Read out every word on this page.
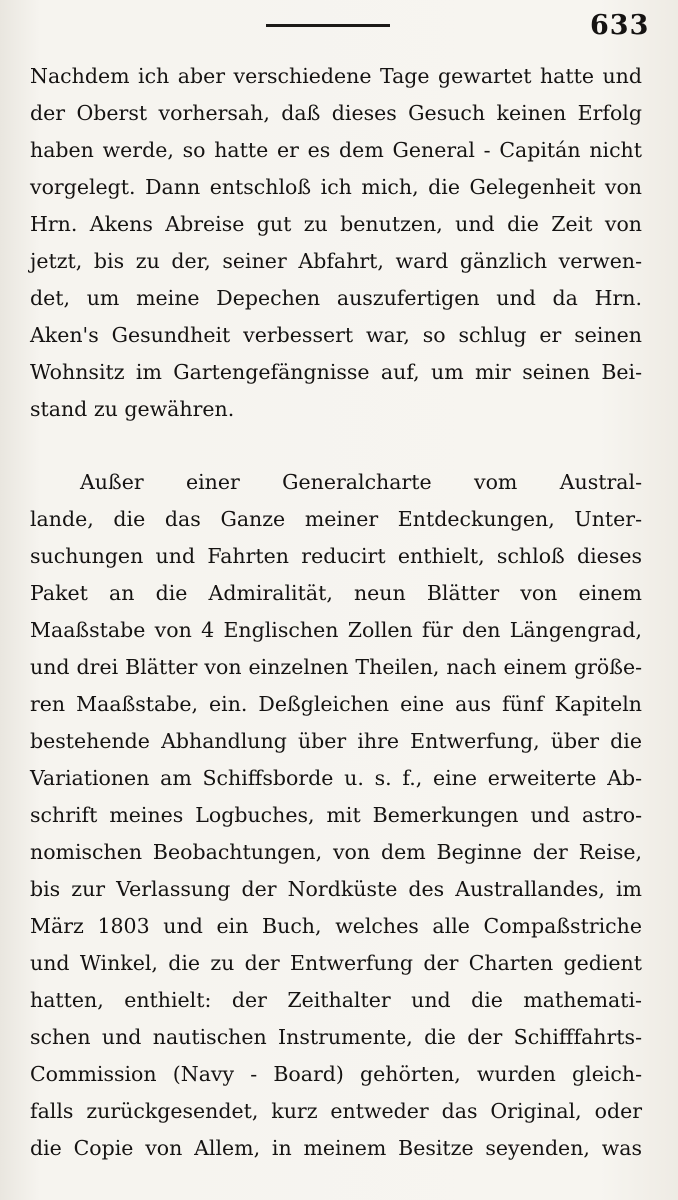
633
Nachdem ich aber verschiedene Tage gewartet hatte und
der Oberst vorhersah, daß dieses Gesuch keinen Erfolg
haben werde, so hatte er es dem General - Capitán nicht
vorgelegt. Dann entschloß ich mich, die Gelegenheit von
Hrn. Akens Abreise gut zu benutzen, und die Zeit von
jetzt, bis zu der, seiner Abfahrt, ward gänzlich verwen-
det, um meine Depechen auszufertigen und da Hrn.
Aken's Gesundheit verbessert war, so schlug er seinen
Wohnsitz im Gartengefängnisse auf, um mir seinen Bei-
stand zu gewähren.
Außer einer Generalcharte vom Austral-
lande, die das Ganze meiner Entdeckungen, Unter-
suchungen und Fahrten reducirt enthielt, schloß dieses
Paket an die Admiralität, neun Blätter von einem
Maaßstabe von 4 Englischen Zollen für den Längengrad,
und drei Blätter von einzelnen Theilen, nach einem größe-
ren Maaßstabe, ein. Deßgleichen eine aus fünf Kapiteln
bestehende Abhandlung über ihre Entwerfung, über die
Variationen am Schiffsborde u. s. f., eine erweiterte Ab-
schrift meines Logbuches, mit Bemerkungen und astro-
nomischen Beobachtungen, von dem Beginne der Reise,
bis zur Verlassung der Nordküste des Australlandes, im
März 1803 und ein Buch, welches alle Compaßstriche
und Winkel, die zu der Entwerfung der Charten gedient
hatten, enthielt: der Zeithalter und die mathemati-
schen und nautischen Instrumente, die der Schifffahrts-
Commission (Navy - Board) gehörten, wurden gleich-
falls zurückgesendet, kurz entweder das Original, oder
die Copie von Allem, in meinem Besitze seyenden, was
